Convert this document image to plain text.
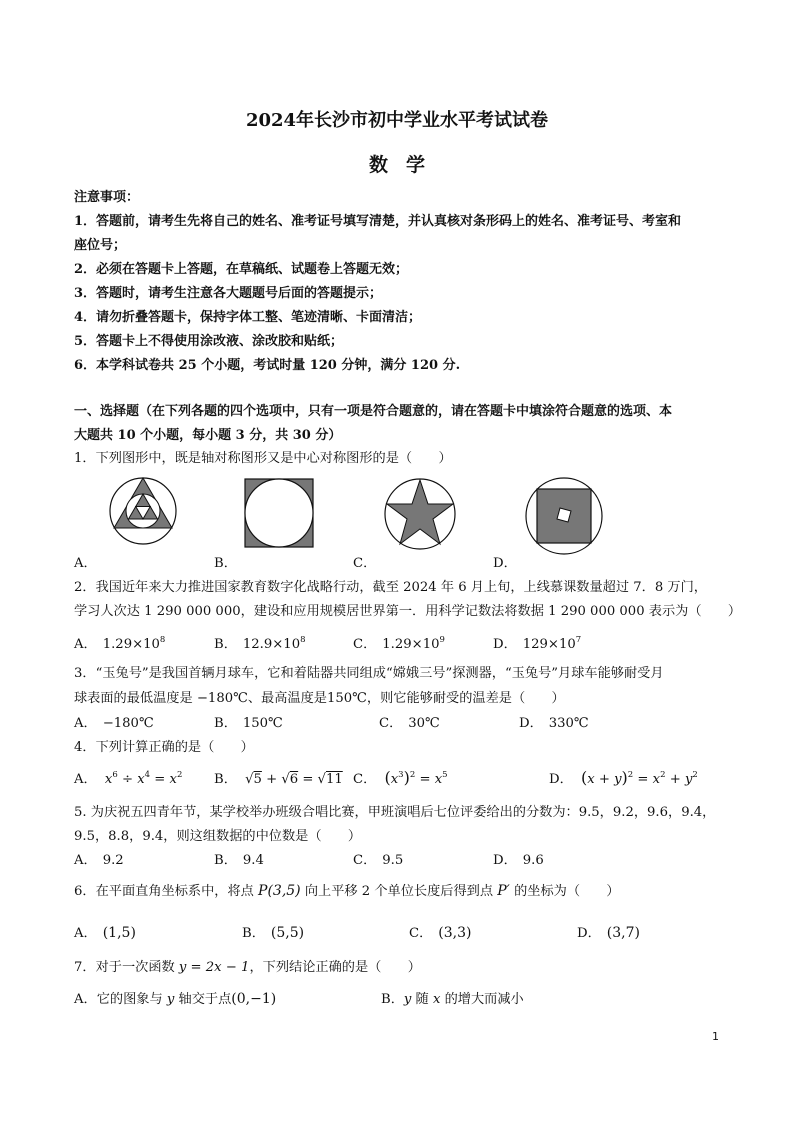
2024年长沙市初中学业水平考试试卷
数学
注意事项：
1．答题前，请考生先将自己的姓名、准考证号填写清楚，并认真核对条形码上的姓名、准考证号、考室和
座位号；
2．必须在答题卡上答题，在草稿纸、试题卷上答题无效；
3．答题时，请考生注意各大题题号后面的答题提示；
4．请勿折叠答题卡，保持字体工整、笔迹清晰、卡面清洁；
5．答题卡上不得使用涂改液、涂改胶和贴纸；
6．本学科试卷共 25 个小题，考试时量 120 分钟，满分 120 分.
一、选择题（在下列各题的四个选项中，只有一项是符合题意的，请在答题卡中填涂符合题意的选项、本
大题共 10 个小题，每小题 3 分，共 30 分）
1．下列图形中，既是轴对称图形又是中心对称图形的是（　　）
A．	B．	C．	D．
2．我国近年来大力推进国家教育数字化战略行动，截至 2024 年 6 月上旬，上线慕课数量超过 7．8 万门，
学习人次达 1 290 000 000，建设和应用规模居世界第一．用科学记数法将数据 1 290 000 000 表示为（　　）
A． $1.29\times 10^8$	B． $12.9\times 10^8$	C． $1.29\times 10^9$	D． $129\times 10^7$
3．“玉兔号”是我国首辆月球车，它和着陆器共同组成“嫦娥三号”探测器，“玉兔号”月球车能够耐受月
球表面的最低温度是 −180℃、最高温度是150℃，则它能够耐受的温差是（　　）
A． −180℃	B． 150℃	C． 30℃	D． 330℃
4．下列计算正确的是（　　）
A． $x^6 \div x^4 = x^2$ B． √5 + √6 = √11 C． $(x^3)^2 = x^5$	D． $(x + y)^2 = x^2 + y^2$
5. 为庆祝五四青年节，某学校举办班级合唱比赛，甲班演唱后七位评委给出的分数为：9.5，9.2，9.6，9.4，
9.5，8.8，9.4，则这组数据的中位数是（　　）
A． 9.2	B． 9.4	C． 9.5	D． 9.6
6．在平面直角坐标系中，将点 P(3,5) 向上平移 2 个单位长度后得到点 P′ 的坐标为（　　）
A． (1,5)	B． (5,5)	C． (3,3)	D． (3,7)
7．对于一次函数 y = 2x − 1，下列结论正确的是（　　）
A．它的图象与 y 轴交于点(0,−1)	B．y 随 x 的增大而减小
1
